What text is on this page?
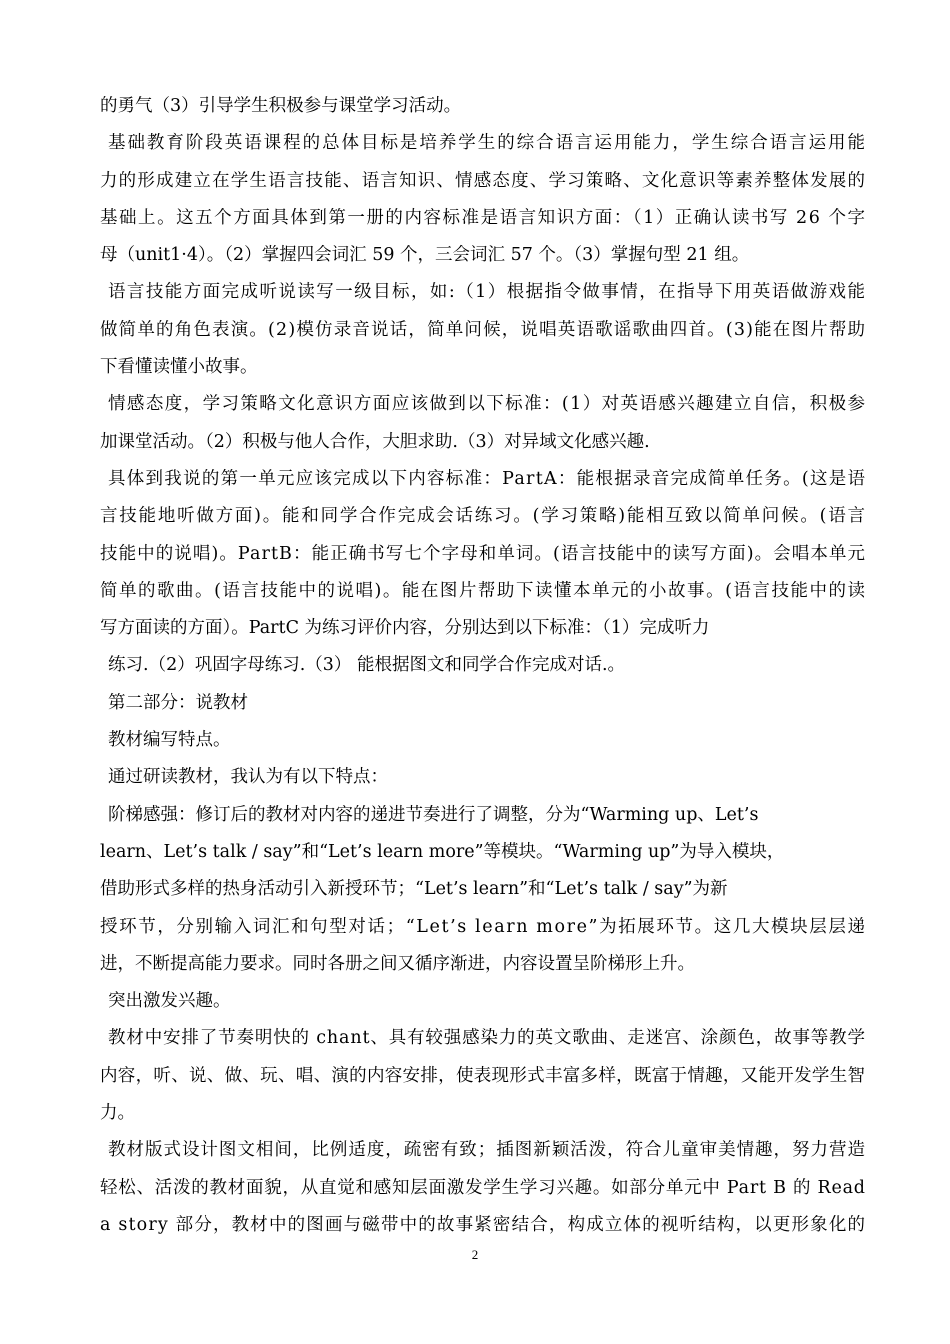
的勇气（3）引导学生积极参与课堂学习活动。
基础教育阶段英语课程的总体目标是培养学生的综合语言运用能力，学生综合语言运用能
力的形成建立在学生语言技能、语言知识、情感态度、学习策略、文化意识等素养整体发展的
基础上。这五个方面具体到第一册的内容标准是语言知识方面：（1）正确认读书写 26 个字
母（unit1·4）。（2）掌握四会词汇 59 个，三会词汇 57 个。（3）掌握句型 21 组。
语言技能方面完成听说读写一级目标，如:（1）根据指令做事情，在指导下用英语做游戏能
做简单的角色表演。(2)模仿录音说话，简单问候，说唱英语歌谣歌曲四首。(3)能在图片帮助
下看懂读懂小故事。
情感态度，学习策略文化意识方面应该做到以下标准：(1）对英语感兴趣建立自信，积极参
加课堂活动。（2）积极与他人合作，大胆求助.（3）对异域文化感兴趣.
具体到我说的第一单元应该完成以下内容标准：PartA：能根据录音完成简单任务。(这是语
言技能地听做方面)。能和同学合作完成会话练习。(学习策略)能相互致以简单问候。(语言
技能中的说唱)。PartB：能正确书写七个字母和单词。(语言技能中的读写方面)。会唱本单元
简单的歌曲。(语言技能中的说唱)。能在图片帮助下读懂本单元的小故事。(语言技能中的读
写方面读的方面）。PartC 为练习评价内容，分别达到以下标准：（1）完成听力
练习.（2）巩固字母练习.（3） 能根据图文和同学合作完成对话.。
第二部分：说教材
教材编写特点。
通过研读教材，我认为有以下特点：
阶梯感强：修订后的教材对内容的递进节奏进行了调整，分为“Warming up、Let’s
learn、Let’s talk / say”和“Let’s learn more”等模块。“Warming up”为导入模块，
借助形式多样的热身活动引入新授环节；“Let’s learn”和“Let’s talk / say”为新
授环节，分别输入词汇和句型对话；“Let’s learn more”为拓展环节。这几大模块层层递
进，不断提高能力要求。同时各册之间又循序渐进，内容设置呈阶梯形上升。
突出激发兴趣。
教材中安排了节奏明快的 chant、具有较强感染力的英文歌曲、走迷宫、涂颜色，故事等教学
内容，听、说、做、玩、唱、演的内容安排，使表现形式丰富多样，既富于情趣，又能开发学生智
力。
教材版式设计图文相间，比例适度，疏密有致；插图新颖活泼，符合儿童审美情趣，努力营造
轻松、活泼的教材面貌，从直觉和感知层面激发学生学习兴趣。如部分单元中 Part B 的 Read
a story 部分，教材中的图画与磁带中的故事紧密结合，构成立体的视听结构，以更形象化的
2
